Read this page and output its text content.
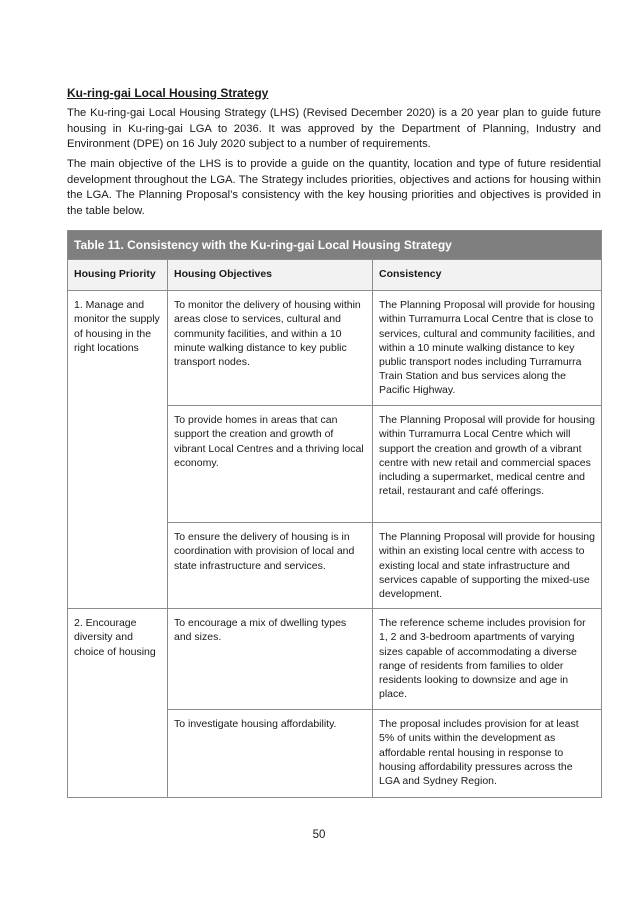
Ku-ring-gai Local Housing Strategy

The Ku-ring-gai Local Housing Strategy (LHS) (Revised December 2020) is a 20 year plan to guide future housing in Ku-ring-gai LGA to 2036. It was approved by the Department of Planning, Industry and Environment (DPE) on 16 July 2020 subject to a number of requirements.

The main objective of the LHS is to provide a guide on the quantity, location and type of future residential development throughout the LGA. The Strategy includes priorities, objectives and actions for housing within the LGA. The Planning Proposal’s consistency with the key housing priorities and objectives is provided in the table below.

Table 11. Consistency with the Ku-ring-gai Local Housing Strategy		
Housing Priority	Housing Objectives	Consistency
1. Manage and monitor the supply of housing in the right locations	To monitor the delivery of housing within areas close to services, cultural and community facilities, and within a 10 minute walking distance to key public transport nodes.	The Planning Proposal will provide for housing within Turramurra Local Centre that is close to services, cultural and community facilities, and within a 10 minute walking distance to key public transport nodes including Turramurra Train Station and bus services along the Pacific Highway.
	To provide homes in areas that can support the creation and growth of vibrant Local Centres and a thriving local economy.	The Planning Proposal will provide for housing within Turramurra Local Centre which will support the creation and growth of a vibrant centre with new retail and commercial spaces including a supermarket, medical centre and retail, restaurant and café offerings.
	To ensure the delivery of housing is in coordination with provision of local and state infrastructure and services.	The Planning Proposal will provide for housing within an existing local centre with access to existing local and state infrastructure and services capable of supporting the mixed-use development.
2. Encourage diversity and choice of housing	To encourage a mix of dwelling types and sizes.	The reference scheme includes provision for 1, 2 and 3-bedroom apartments of varying sizes capable of accommodating a diverse range of residents from families to older residents looking to downsize and age in place.
	To investigate housing affordability.	The proposal includes provision for at least 5% of units within the development as affordable rental housing in response to housing affordability pressures across the LGA and Sydney Region.
50
